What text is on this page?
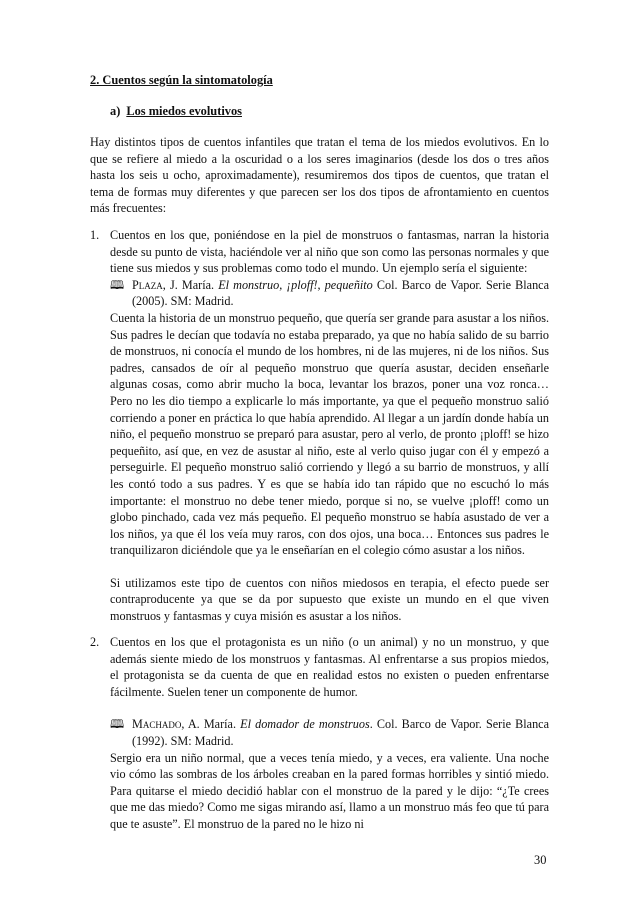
2. Cuentos según la sintomatología
a) Los miedos evolutivos

Hay distintos tipos de cuentos infantiles que tratan el tema de los miedos evolutivos. En lo que se refiere al miedo a la oscuridad o a los seres imaginarios (desde los dos o tres años hasta los seis u ocho, aproximadamente), resumiremos dos tipos de cuentos, que tratan el tema de formas muy diferentes y que parecen ser los dos tipos de afrontamiento en cuentos más frecuentes:

1. Cuentos en los que, poniéndose en la piel de monstruos o fantasmas, narran la historia desde su punto de vista, haciéndole ver al niño que son como las personas normales y que tiene sus miedos y sus problemas como todo el mundo. Un ejemplo sería el siguiente:

🕮 Plaza, J. María. El monstruo, ¡ploff!, pequeñito Col. Barco de Vapor. Serie Blanca (2005). SM: Madrid.

Cuenta la historia de un monstruo pequeño, que quería ser grande para asustar a los niños. Sus padres le decían que todavía no estaba preparado, ya que no había salido de su barrio de monstruos, ni conocía el mundo de los hombres, ni de las mujeres, ni de los niños. Sus padres, cansados de oír al pequeño monstruo que quería asustar, deciden enseñarle algunas cosas, como abrir mucho la boca, levantar los brazos, poner una voz ronca… Pero no les dio tiempo a explicarle lo más importante, ya que el pequeño monstruo salió corriendo a poner en práctica lo que había aprendido. Al llegar a un jardín donde había un niño, el pequeño monstruo se preparó para asustar, pero al verlo, de pronto ¡ploff! se hizo pequeñito, así que, en vez de asustar al niño, este al verlo quiso jugar con él y empezó a perseguirle. El pequeño monstruo salió corriendo y llegó a su barrio de monstruos, y allí les contó todo a sus padres. Y es que se había ido tan rápido que no escuchó lo más importante: el monstruo no debe tener miedo, porque si no, se vuelve ¡ploff! como un globo pinchado, cada vez más pequeño. El pequeño monstruo se había asustado de ver a los niños, ya que él los veía muy raros, con dos ojos, una boca… Entonces sus padres le tranquilizaron diciéndole que ya le enseñarían en el colegio cómo asustar a los niños.

Si utilizamos este tipo de cuentos con niños miedosos en terapia, el efecto puede ser contraproducente ya que se da por supuesto que existe un mundo en el que viven monstruos y fantasmas y cuya misión es asustar a los niños.

2. Cuentos en los que el protagonista es un niño (o un animal) y no un monstruo, y que además siente miedo de los monstruos y fantasmas. Al enfrentarse a sus propios miedos, el protagonista se da cuenta de que en realidad estos no existen o pueden enfrentarse fácilmente. Suelen tener un componente de humor.

🕮 Machado, A. María. El domador de monstruos. Col. Barco de Vapor. Serie Blanca (1992). SM: Madrid.

Sergio era un niño normal, que a veces tenía miedo, y a veces, era valiente. Una noche vio cómo las sombras de los árboles creaban en la pared formas horribles y sintió miedo. Para quitarse el miedo decidió hablar con el monstruo de la pared y le dijo: “¿Te crees que me das miedo? Como me sigas mirando así, llamo a un monstruo más feo que tú para que te asuste”. El monstruo de la pared no le hizo ni

30
